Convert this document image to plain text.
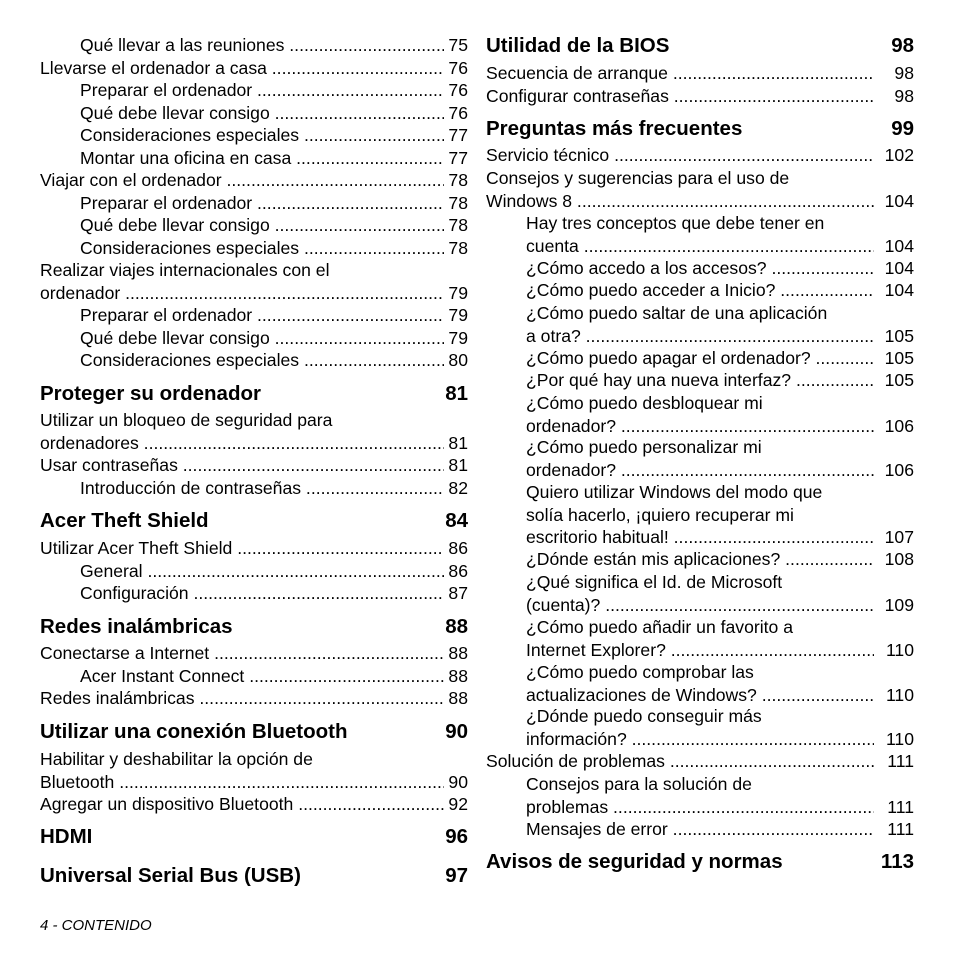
Qué llevar a las reuniones .....	75
Llevarse el ordenador a casa .....	76
Preparar el ordenador .....	76
Qué debe llevar consigo .....	76
Consideraciones especiales .....	77
Montar una oficina en casa .....	77
Viajar con el ordenador .....	78
Preparar el ordenador .....	78
Qué debe llevar consigo .....	78
Consideraciones especiales .....	78
Realizar viajes internacionales con el
ordenador .....	79
Preparar el ordenador .....	79
Qué debe llevar consigo .....	79
Consideraciones especiales .....	80
Proteger su ordenador	81
Utilizar un bloqueo de seguridad para
ordenadores .....	81
Usar contraseñas .....	81
Introducción de contraseñas .....	82
Acer Theft Shield	84
Utilizar Acer Theft Shield .....	86
General .....	86
Configuración .....	87
Redes inalámbricas	88
Conectarse a Internet .....	88
Acer Instant Connect .....	88
Redes inalámbricas .....	88
Utilizar una conexión Bluetooth	90
Habilitar y deshabilitar la opción de
Bluetooth .....	90
Agregar un dispositivo Bluetooth .....	92
HDMI	96
Universal Serial Bus (USB)	97
Utilidad de la BIOS	98
Secuencia de arranque .....	98
Configurar contraseñas .....	98
Preguntas más frecuentes	99
Servicio técnico .....	102
Consejos y sugerencias para el uso de
Windows 8 .....	104
Hay tres conceptos que debe tener en
cuenta .....	104
¿Cómo accedo a los accesos? .....	104
¿Cómo puedo acceder a Inicio? .....	104
¿Cómo puedo saltar de una aplicación
a otra? .....	105
¿Cómo puedo apagar el ordenador? .....	105
¿Por qué hay una nueva interfaz? .....	105
¿Cómo puedo desbloquear mi
ordenador? .....	106
¿Cómo puedo personalizar mi
ordenador? .....	106
Quiero utilizar Windows del modo que
solía hacerlo, ¡quiero recuperar mi
escritorio habitual! .....	107
¿Dónde están mis aplicaciones? .....	108
¿Qué significa el Id. de Microsoft
(cuenta)? .....	109
¿Cómo puedo añadir un favorito a
Internet Explorer? .....	110
¿Cómo puedo comprobar las
actualizaciones de Windows? .....	110
¿Dónde puedo conseguir más
información? .....	110
Solución de problemas .....	111
Consejos para la solución de
problemas .....	111
Mensajes de error .....	111
Avisos de seguridad y normas	113
4 - CONTENIDO
